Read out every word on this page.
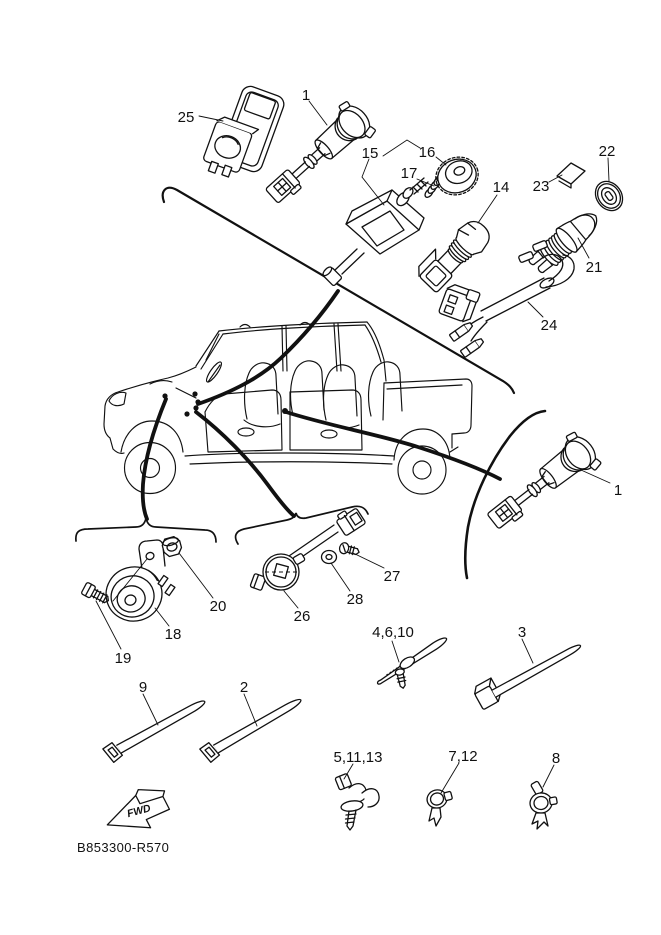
25
1
15	16
17
14 23
22
21
24
18
19
20
26
28
27
1
9	2
4,6,10	3
5,11,13	7,12	8
FWD
B853300-R570
